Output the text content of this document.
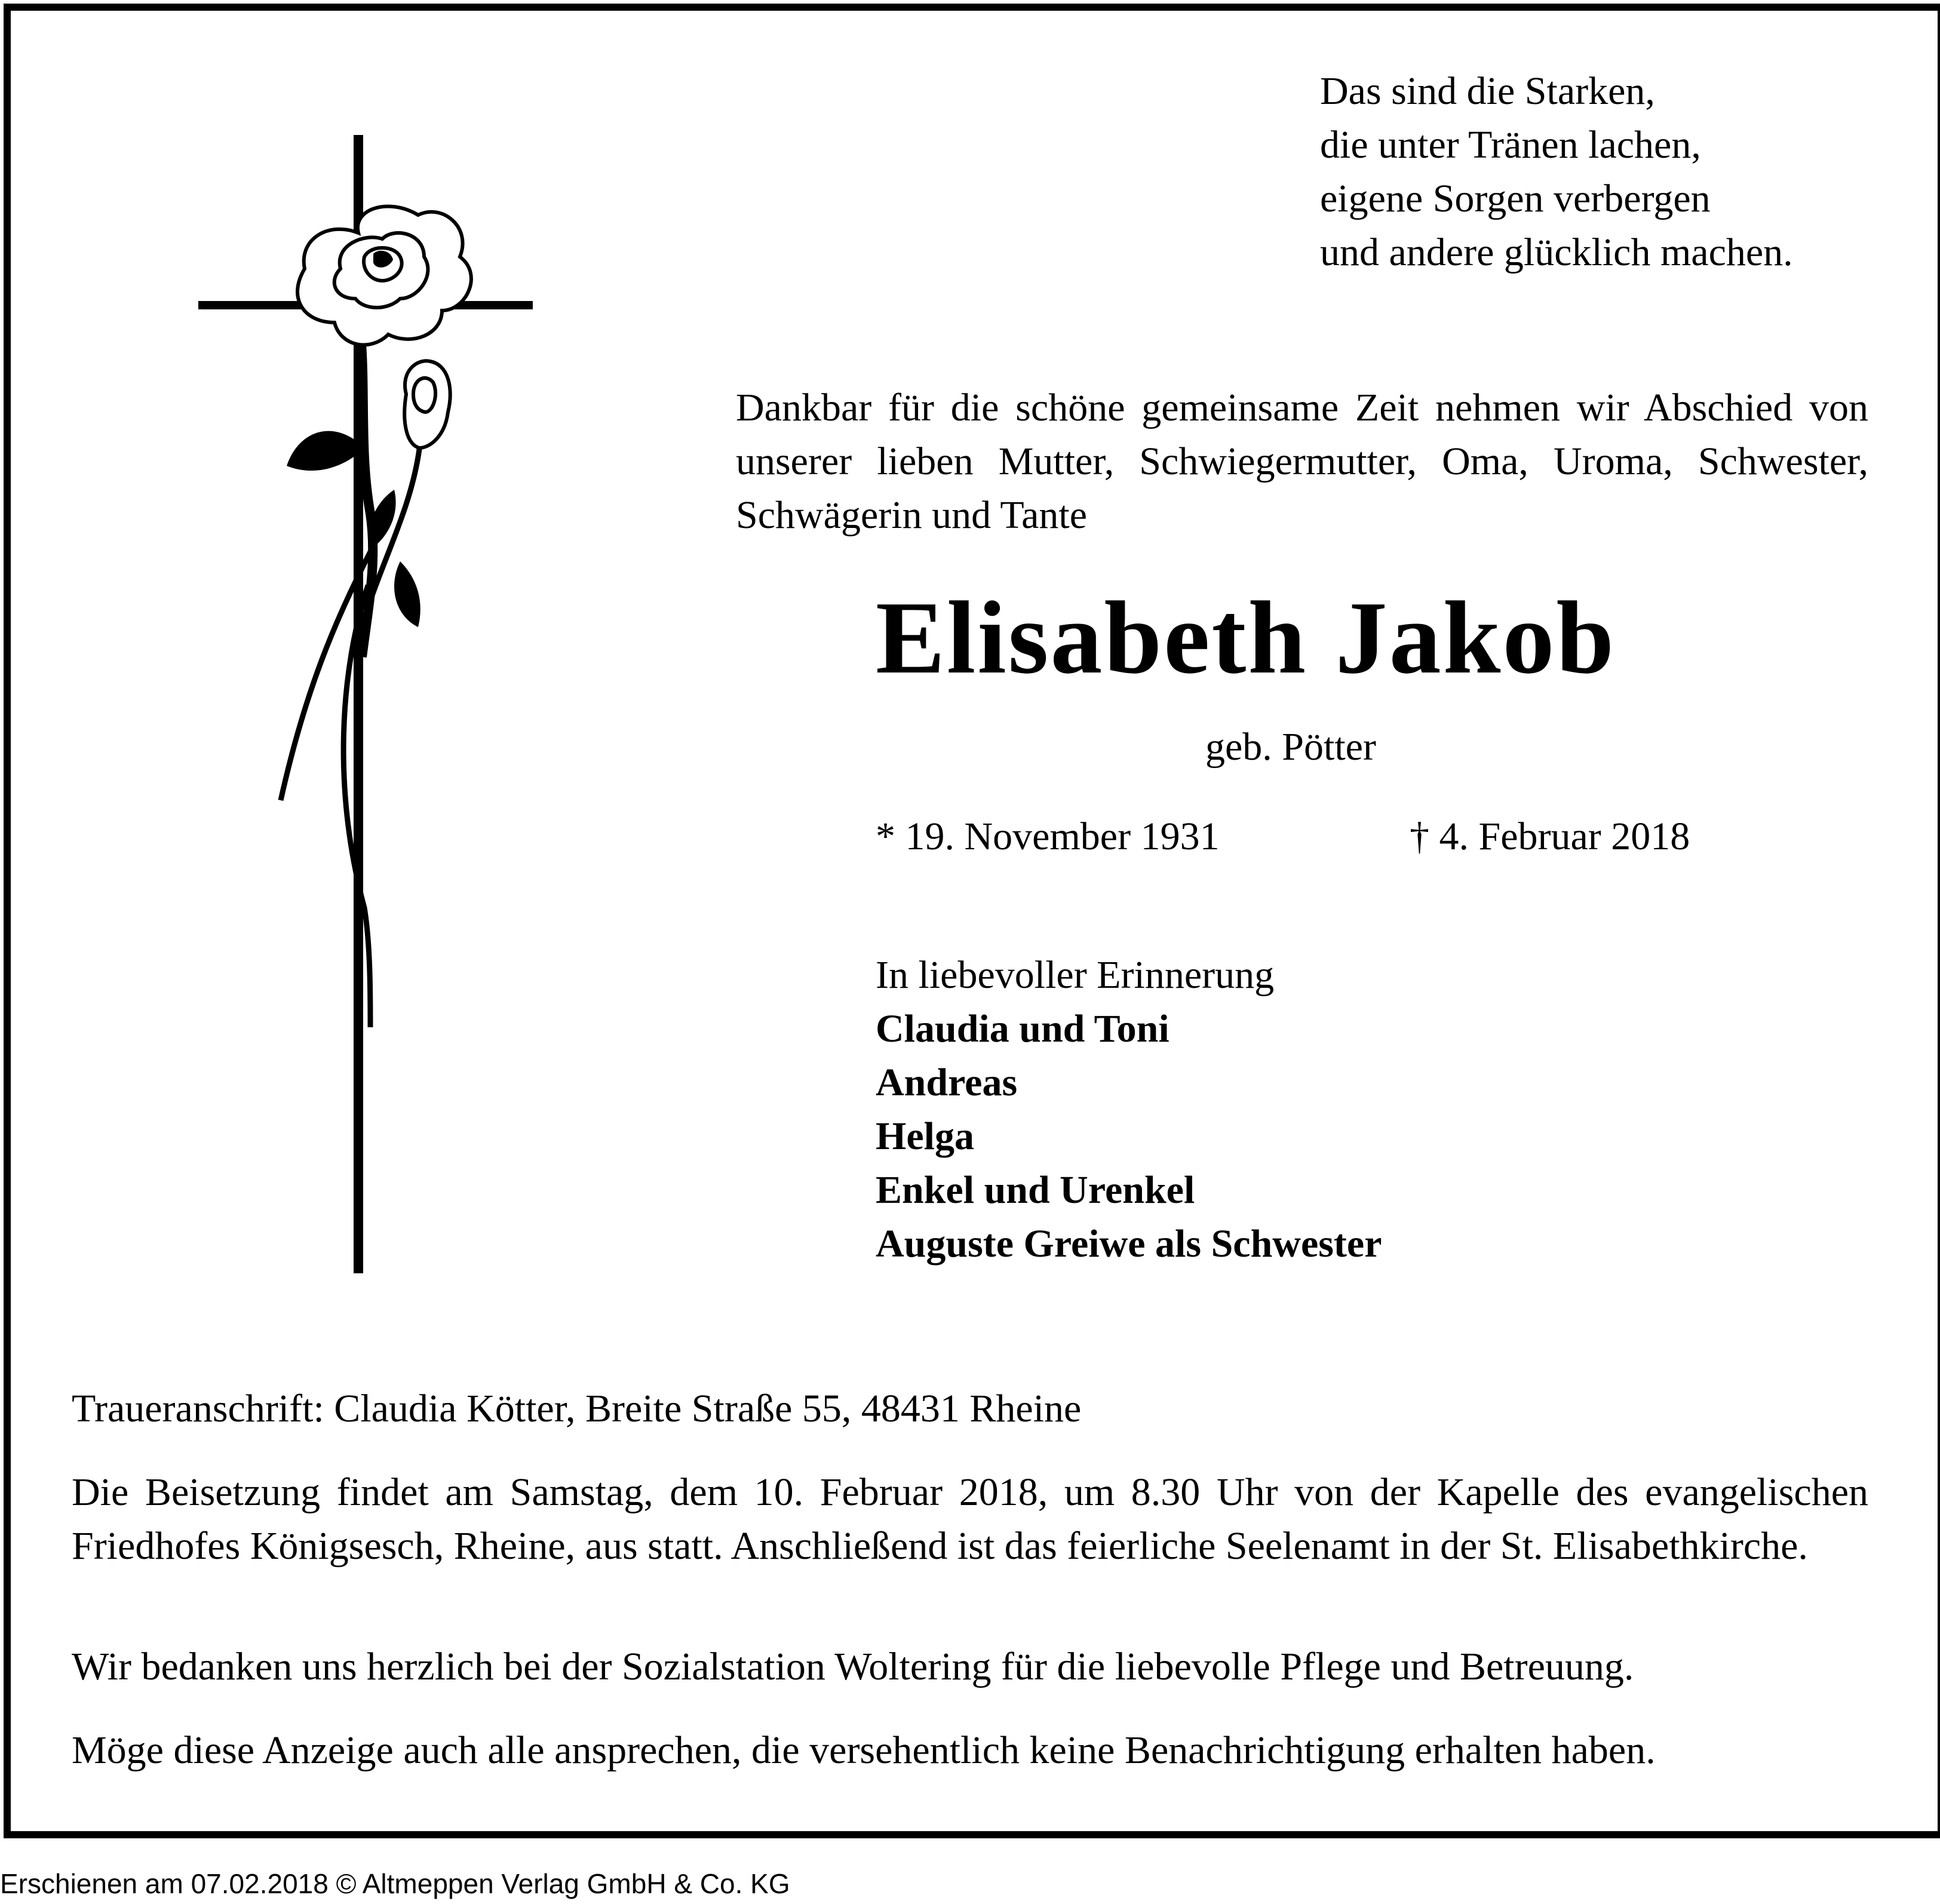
Das sind die Starken,
die unter Tränen lachen,
eigene Sorgen verbergen
und andere glücklich machen.
Dankbar für die schöne gemeinsame Zeit nehmen wir Abschied von unserer lieben Mutter, Schwiegermutter, Oma, Uroma, Schwester, Schwägerin und Tante
Elisabeth Jakob
geb. Pötter
* 19. November 1931	† 4. Februar 2018
In liebevoller Erinnerung
Claudia und Toni
Andreas
Helga
Enkel und Urenkel
Auguste Greiwe als Schwester
Traueranschrift: Claudia Kötter, Breite Straße 55, 48431 Rheine
Die Beisetzung findet am Samstag, dem 10. Februar 2018, um 8.30 Uhr von der Kapelle des evangelischen Friedhofes Königsesch, Rheine, aus statt. Anschließend ist das feierliche Seelenamt in der St. Elisabethkirche.
Wir bedanken uns herzlich bei der Sozialstation Woltering für die liebevolle Pflege und Betreuung.
Möge diese Anzeige auch alle ansprechen, die versehentlich keine Benachrichtigung erhalten haben.
Erschienen am 07.02.2018 © Altmeppen Verlag GmbH & Co. KG
